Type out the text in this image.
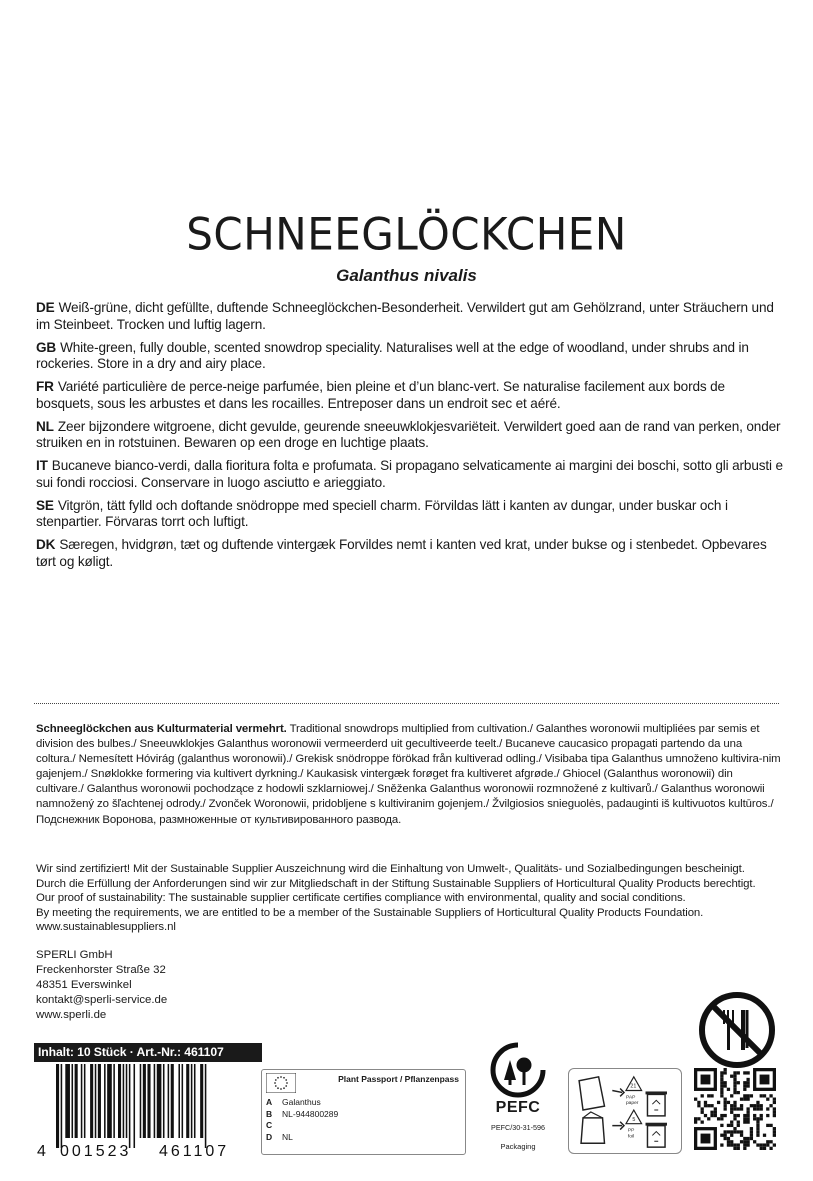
SCHNEEGLÖCKCHEN
Galanthus nivalis
DE Weiß-grüne, dicht gefüllte, duftende Schneeglöckchen-Besonderheit. Verwildert gut am Gehölzrand, unter Sträuchern und im Steinbeet. Trocken und luftig lagern.
GB White-green, fully double, scented snowdrop speciality. Naturalises well at the edge of woodland, under shrubs and in rockeries. Store in a dry and airy place.
FR Variété particulière de perce-neige parfumée, bien pleine et d’un blanc-vert. Se naturalise facilement aux bords de bosquets, sous les arbustes et dans les rocailles. Entreposer dans un endroit sec et aéré.
NL Zeer bijzondere witgroene, dicht gevulde, geurende sneeuwklokjesvariëteit. Verwildert goed aan de rand van perken, onder struiken en in rotstuinen. Bewaren op een droge en luchtige plaats.
IT Bucaneve bianco-verdi, dalla fioritura folta e profumata. Si propagano selvaticamente ai margini dei boschi, sotto gli arbusti e sui fondi rocciosi. Conservare in luogo asciutto e arieggiato.
SE Vitgrön, tätt fylld och doftande snödroppe med speciell charm. Förvildas lätt i kanten av dungar, under buskar och i stenpartier. Förvaras torrt och luftigt.
DK Særegen, hvidgrøn, tæt og duftende vintergæk Forvildes nemt i kanten ved krat, under bukse og i stenbedet. Opbevares tørt og køligt.
Schneeglöckchen aus Kulturmaterial vermehrt. Traditional snowdrops multiplied from cultivation./ Galanthes woronowii multipliées par semis et division des bulbes./ Sneeuwklokjes Galanthus woronowii vermeerderd uit gecultiveerde teelt./ Bucaneve caucasico propagati partendo da una coltura./ Nemesített Hóvirág (galanthus woronowii)./ Grekisk snödroppe förökad från kultiverad odling./ Visibaba tipa Galanthus umnoženo kultivira-nim gajenjem./ Snøklokke formering via kultivert dyrkning./ Kaukasisk vintergæk forøget fra kultiveret afgrøde./ Ghiocel (Galanthus woronowii) din cultivare./ Galanthus woronowii pochodzące z hodowli szklarniowej./ Sněženka Galanthus woronowii rozmnožené z kultivarů./ Galanthus woronowii namnožený zo šľachtenej odrody./ Zvonček Woronowii, pridobljene s kultiviranim gojenjem./ Žvilgiosios snieguolės, padauginti iš kultivuotos kultūros./ Подснежник Воронова, размноженные от культивированного развода.
Wir sind zertifiziert! Mit der Sustainable Supplier Auszeichnung wird die Einhaltung von Umwelt-, Qualitäts- und Sozialbedingungen bescheinigt.
Durch die Erfüllung der Anforderungen sind wir zur Mitgliedschaft in der Stiftung Sustainable Suppliers of Horticultural Quality Products berechtigt.
Our proof of sustainability: The sustainable supplier certificate certifies compliance with environmental, quality and social conditions.
By meeting the requirements, we are entitled to be a member of the Sustainable Suppliers of Horticultural Quality Products Foundation.
www.sustainablesuppliers.nl
SPERLI GmbH
Freckenhorster Straße 32
48351 Everswinkel
kontakt@sperli-service.de
www.sperli.de
Inhalt: 10 Stück · Art.-Nr.: 461107
4 001523 461107
Plant Passport / Pflanzenpass
A Galanthus
B NL-944800289
C
D NL
PEFC
PEFC/30-31-596
Packaging
21
PAP
paper
5
PP
foil
